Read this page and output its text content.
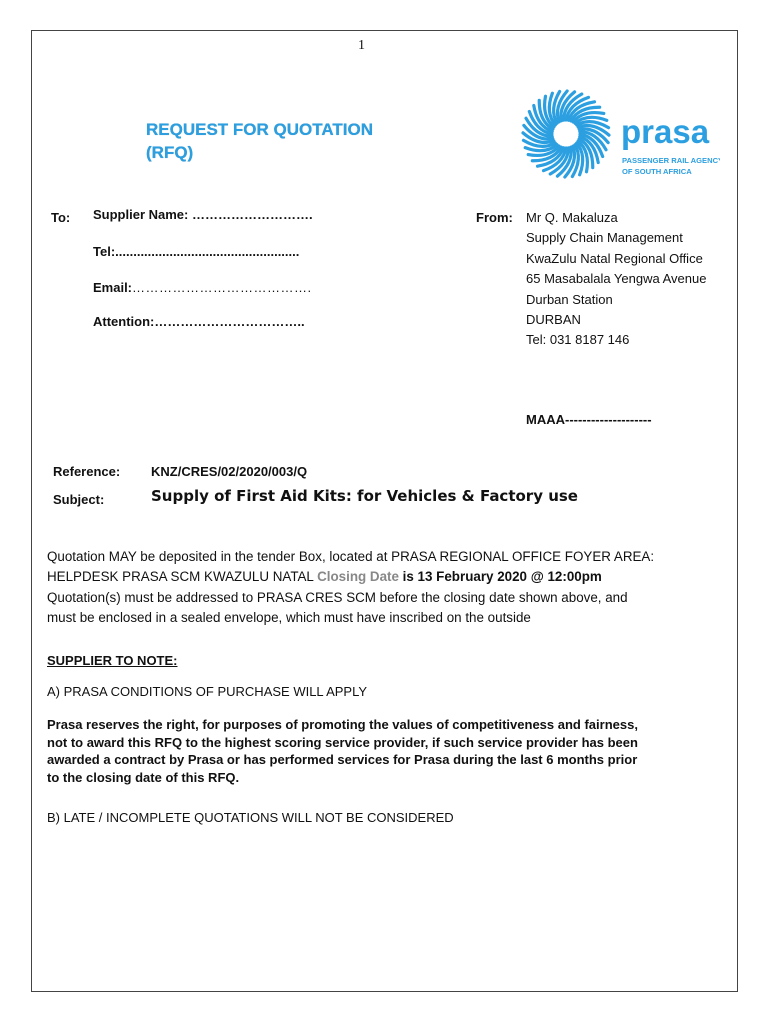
1
REQUEST FOR QUOTATION
(RFQ)
prasa
PASSENGER RAIL AGENCY
OF SOUTH AFRICA
To: Supplier Name: ……………………….
Tel:...................................................
Email:………………………………….
Attention:……………………………..
From: Mr Q. Makaluza
Supply Chain Management
KwaZulu Natal Regional Office
65 Masabalala Yengwa Avenue
Durban Station
DURBAN
Tel: 031 8187 146
MAAA--------------------
Reference: KNZ/CRES/02/2020/003/Q
Subject:	Supply of First Aid Kits: for Vehicles & Factory use
Quotation MAY be deposited in the tender Box, located at PRASA REGIONAL OFFICE FOYER AREA:
HELPDESK PRASA SCM KWAZULU NATAL Closing Date is 13 February 2020 @ 12:00pm
Quotation(s) must be addressed to PRASA CRES SCM before the closing date shown above, and
must be enclosed in a sealed envelope, which must have inscribed on the outside
SUPPLIER TO NOTE:
A) PRASA CONDITIONS OF PURCHASE WILL APPLY
Prasa reserves the right, for purposes of promoting the values of competitiveness and fairness,
not to award this RFQ to the highest scoring service provider, if such service provider has been
awarded a contract by Prasa or has performed services for Prasa during the last 6 months prior
to the closing date of this RFQ.
B) LATE / INCOMPLETE QUOTATIONS WILL NOT BE CONSIDERED
